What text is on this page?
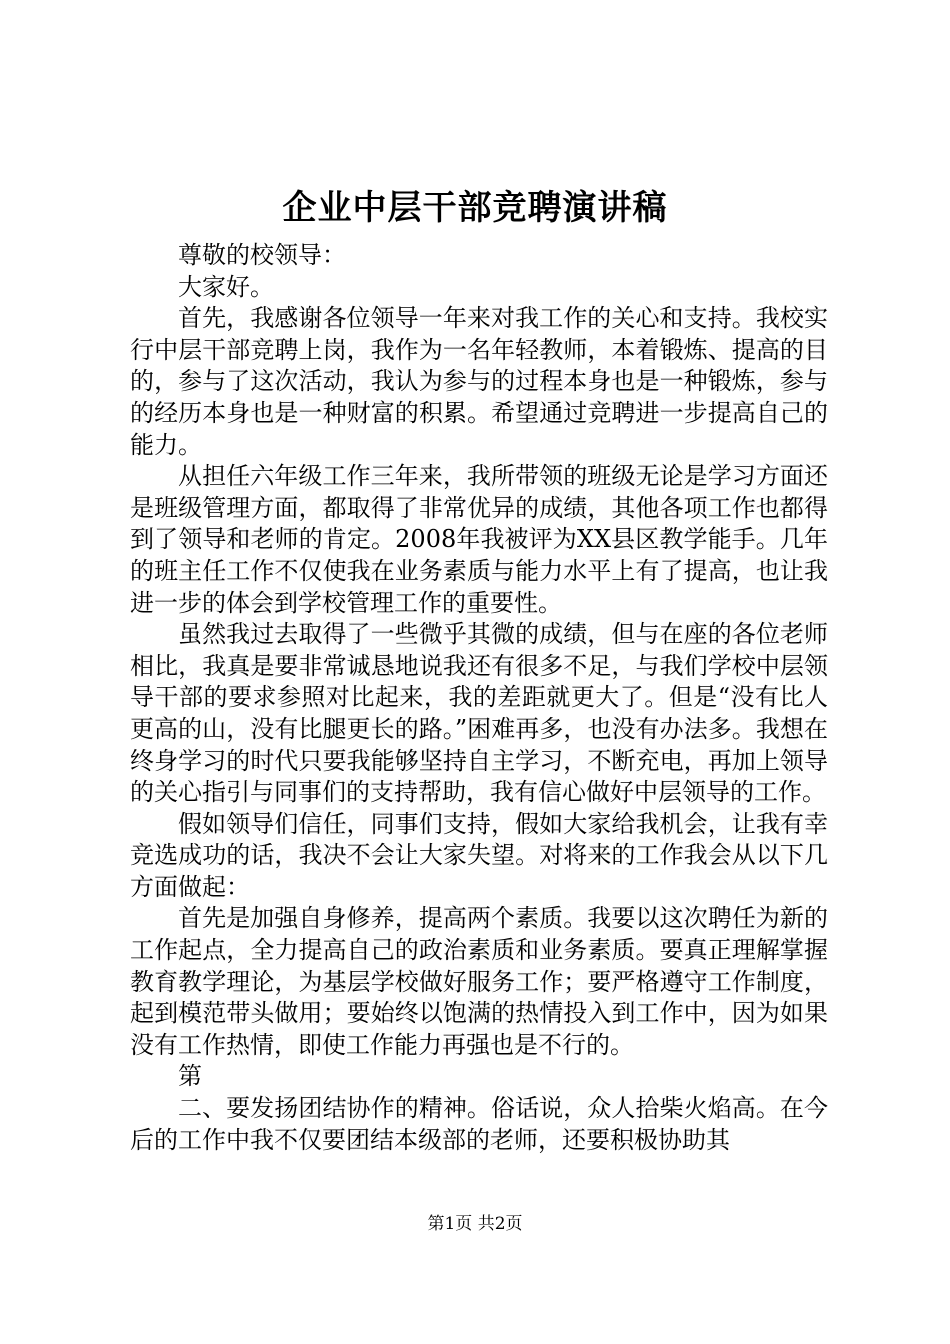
企业中层干部竞聘演讲稿

尊敬的校领导：

大家好。

首先，我感谢各位领导一年来对我工作的关心和支持。我校实行中层干部竞聘上岗，我作为一名年轻教师，本着锻炼、提高的目的，参与了这次活动，我认为参与的过程本身也是一种锻炼，参与的经历本身也是一种财富的积累。希望通过竞聘进一步提高自己的能力。

从担任六年级工作三年来，我所带领的班级无论是学习方面还是班级管理方面，都取得了非常优异的成绩，其他各项工作也都得到了领导和老师的肯定。2008年我被评为XX县区教学能手。几年的班主任工作不仅使我在业务素质与能力水平上有了提高，也让我进一步的体会到学校管理工作的重要性。

虽然我过去取得了一些微乎其微的成绩，但与在座的各位老师相比，我真是要非常诚恳地说我还有很多不足，与我们学校中层领导干部的要求参照对比起来，我的差距就更大了。但是“没有比人更高的山，没有比腿更长的路。”困难再多，也没有办法多。我想在终身学习的时代只要我能够坚持自主学习，不断充电，再加上领导的关心指引与同事们的支持帮助，我有信心做好中层领导的工作。

假如领导们信任，同事们支持，假如大家给我机会，让我有幸竞选成功的话，我决不会让大家失望。对将来的工作我会从以下几方面做起：

首先是加强自身修养，提高两个素质。我要以这次聘任为新的工作起点，全力提高自己的政治素质和业务素质。要真正理解掌握教育教学理论，为基层学校做好服务工作；要严格遵守工作制度，起到模范带头做用；要始终以饱满的热情投入到工作中，因为如果没有工作热情，即使工作能力再强也是不行的。

第

二、要发扬团结协作的精神。俗话说，众人拾柴火焰高。在今后的工作中我不仅要团结本级部的老师，还要积极协助其

第1页 共2页
